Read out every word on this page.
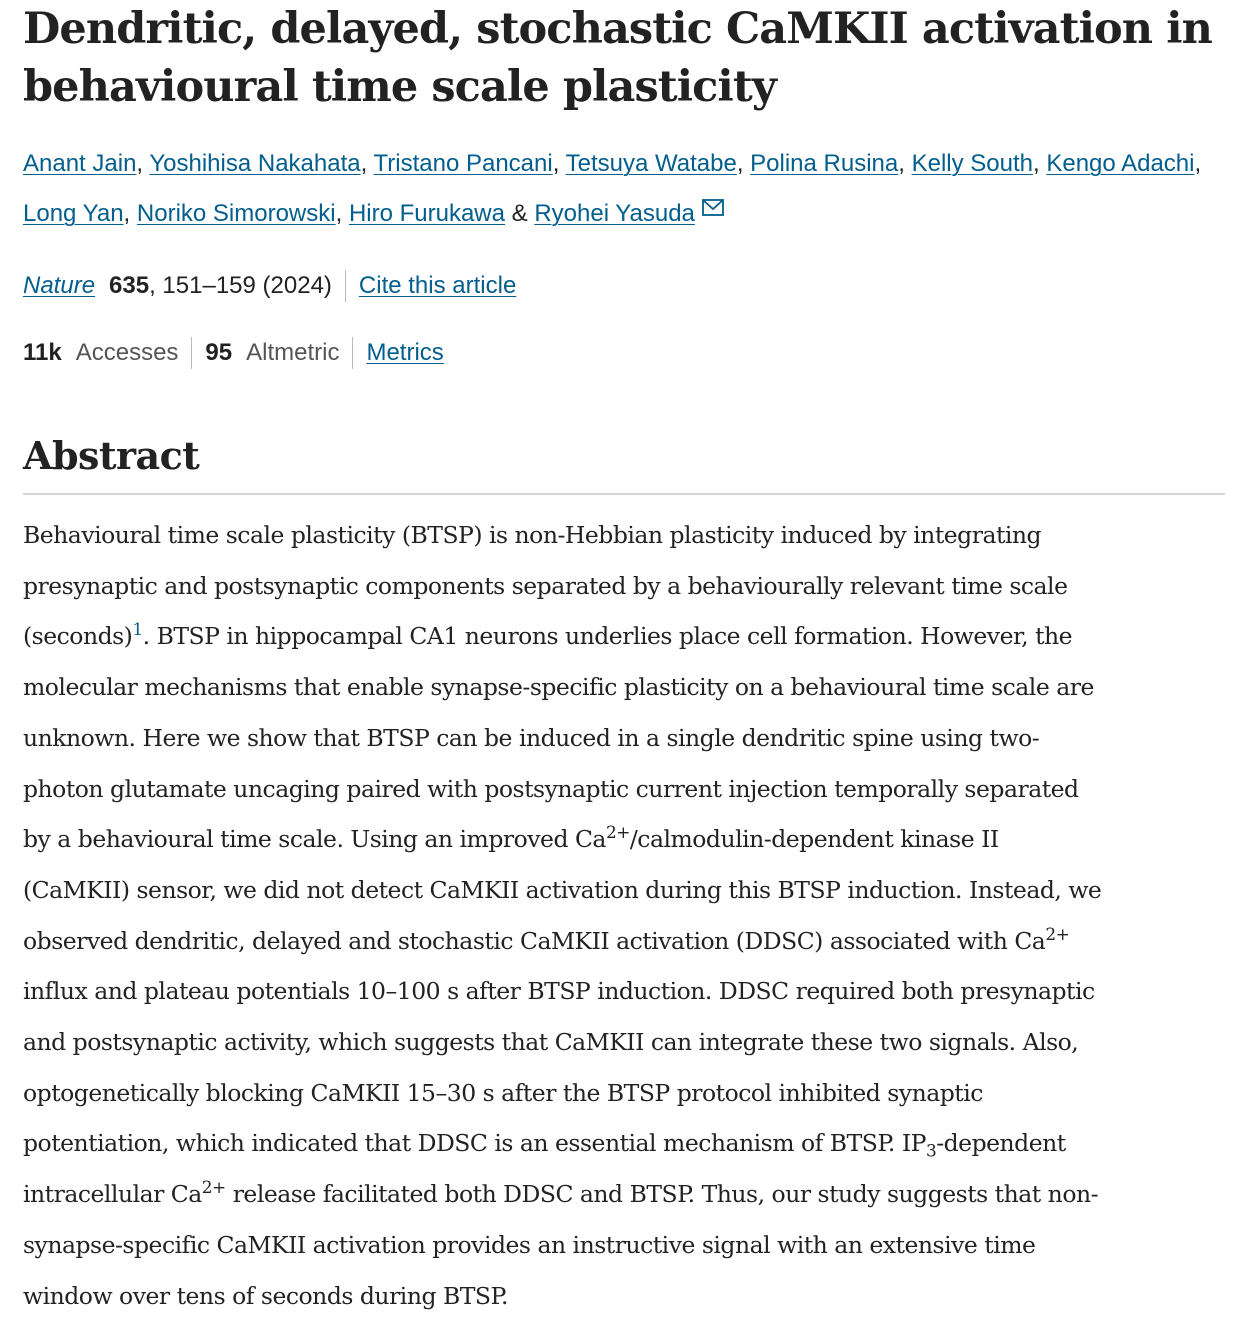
Dendritic, delayed, stochastic CaMKII activation in behavioural time scale plasticity
Anant Jain, Yoshihisa Nakahata, Tristano Pancani, Tetsuya Watabe, Polina Rusina, Kelly South, Kengo Adachi, Long Yan, Noriko Simorowski, Hiro Furukawa & Ryohei Yasuda
Nature 635 , 151–159 (2024) Cite this article
11k Accesses 95 Altmetric Metrics
Abstract
Behavioural time scale plasticity (BTSP) is non-Hebbian plasticity induced by integrating
presynaptic and postsynaptic components separated by a behaviourally relevant time scale
(seconds)$^1$. BTSP in hippocampal CA1 neurons underlies place cell formation. However, the
molecular mechanisms that enable synapse-specific plasticity on a behavioural time scale are
unknown. Here we show that BTSP can be induced in a single dendritic spine using two-
photon glutamate uncaging paired with postsynaptic current injection temporally separated
by a behavioural time scale. Using an improved $Ca^{2+}/calmodulin$-dependent kinase II
(CaMKII) sensor, we did not detect CaMKII activation during this BTSP induction. Instead, we
observed dendritic, delayed and stochastic CaMKII activation (DDSC) associated with $Ca^{2+}$
influx and plateau potentials 10–100 s after BTSP induction. DDSC required both presynaptic
and postsynaptic activity, which suggests that CaMKII can integrate these two signals. Also,
optogenetically blocking CaMKII 15–30 s after the BTSP protocol inhibited synaptic
potentiation, which indicated that DDSC is an essential mechanism of BTSP. $IP_3$-dependent
intracellular $Ca^{2+}$ release facilitated both DDSC and BTSP. Thus, our study suggests that non-
synapse-specific CaMKII activation provides an instructive signal with an extensive time
window over tens of seconds during BTSP.
